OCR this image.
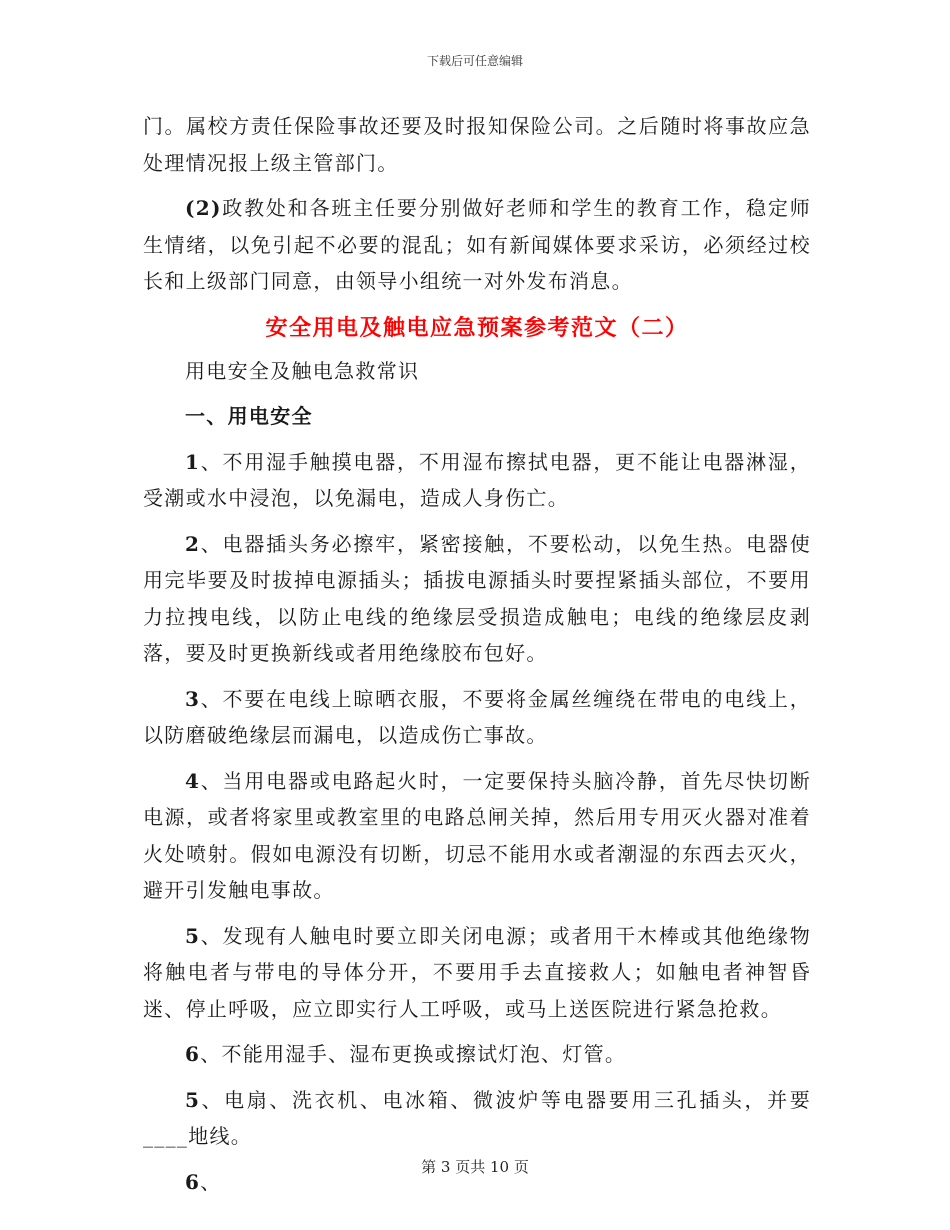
下载后可任意编辑

门。属校方责任保险事故还要及时报知保险公司。之后随时将事故应急处理情况报上级主管部门。

(2)政教处和各班主任要分别做好老师和学生的教育工作，稳定师生情绪，以免引起不必要的混乱；如有新闻媒体要求采访，必须经过校长和上级部门同意，由领导小组统一对外发布消息。

安全用电及触电应急预案参考范文（二）

用电安全及触电急救常识

一、用电安全

1、不用湿手触摸电器，不用湿布擦拭电器，更不能让电器淋湿，受潮或水中浸泡，以免漏电，造成人身伤亡。

2、电器插头务必擦牢，紧密接触，不要松动，以免生热。电器使用完毕要及时拔掉电源插头；插拔电源插头时要捏紧插头部位，不要用力拉拽电线，以防止电线的绝缘层受损造成触电；电线的绝缘层皮剥落，要及时更换新线或者用绝缘胶布包好。

3、不要在电线上晾晒衣服，不要将金属丝缠绕在带电的电线上，以防磨破绝缘层而漏电，以造成伤亡事故。

4、当用电器或电路起火时，一定要保持头脑冷静，首先尽快切断电源，或者将家里或教室里的电路总闸关掉，然后用专用灭火器对准着火处喷射。假如电源没有切断，切忌不能用水或者潮湿的东西去灭火，避开引发触电事故。

5、发现有人触电时要立即关闭电源；或者用干木棒或其他绝缘物将触电者与带电的导体分开，不要用手去直接救人；如触电者神智昏迷、停止呼吸，应立即实行人工呼吸，或马上送医院进行紧急抢救。

6、不能用湿手、湿布更换或擦试灯泡、灯管。

5、电扇、洗衣机、电冰箱、微波炉等电器要用三孔插头，并要____地线。

6、

第 3 页共 10 页
